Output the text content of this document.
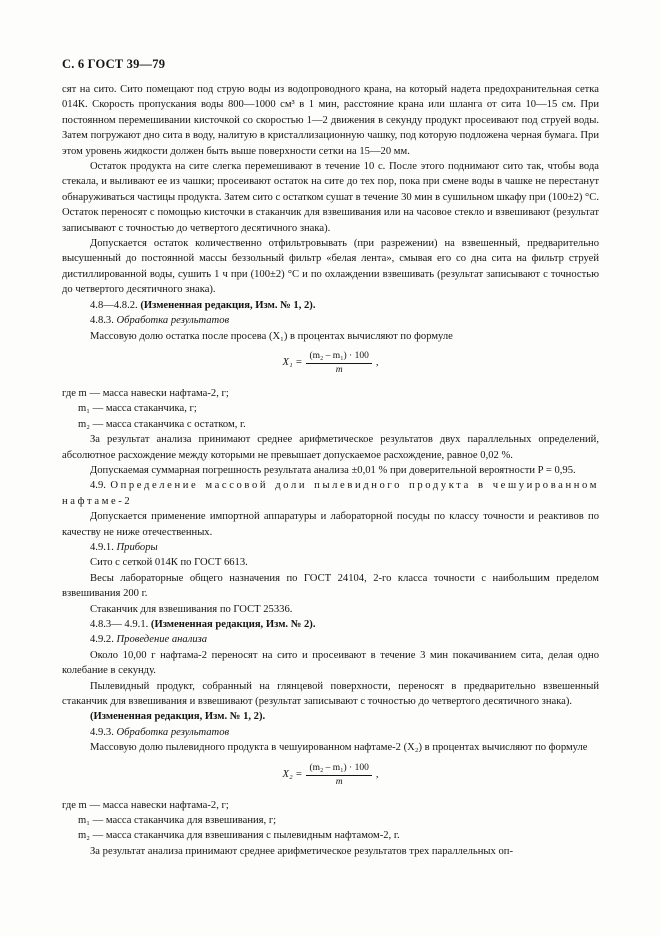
С. 6 ГОСТ 39—79

сят на сито. Сито помещают под струю воды из водопроводного крана, на который надета предохранительная сетка 014К. Скорость пропускания воды 800—1000 см³ в 1 мин, расстояние крана или шланга от сита 10—15 см. При постоянном перемешивании кисточкой со скоростью 1—2 движения в секунду продукт просеивают под струей воды. Затем погружают дно сита в воду, налитую в кристаллизационную чашку, под которую подложена черная бумага. При этом уровень жидкости должен быть выше поверхности сетки на 15—20 мм.

Остаток продукта на сите слегка перемешивают в течение 10 с. После этого поднимают сито так, чтобы вода стекала, и выливают ее из чашки; просеивают остаток на сите до тех пор, пока при смене воды в чашке не перестанут обнаруживаться частицы продукта. Затем сито с остатком сушат в течение 30 мин в сушильном шкафу при (100±2) °С. Остаток переносят с помощью кисточки в стаканчик для взвешивания или на часовое стекло и взвешивают (результат записывают с точностью до четвертого десятичного знака).

Допускается остаток количественно отфильтровывать (при разрежении) на взвешенный, предварительно высушенный до постоянной массы беззольный фильтр «белая лента», смывая его со дна сита на фильтр струей дистиллированной воды, сушить 1 ч при (100±2) °С и по охлаждении взвешивать (результат записывают с точностью до четвертого десятичного знака).

4.8—4.8.2. (Измененная редакция, Изм. № 1, 2).

4.8.3. Обработка результатов

Массовую долю остатка после просева (X₁) в процентах вычисляют по формуле

$X_1 = \frac{\text{(m₂ – m₁) · 100}}{m}$ ,

где m — масса навески нафтама-2, г;

m₁ — масса стаканчика, г;

m₂ — масса стаканчика с остатком, г.

За результат анализа принимают среднее арифметическое результатов двух параллельных определений, абсолютное расхождение между которыми не превышает допускаемое расхождение, равное 0,02 %.

Допускаемая суммарная погрешность результата анализа ±0,01 % при доверительной вероятности P = 0,95.

4.9. Определение массовой доли пылевидного продукта в чешуированном нафтаме-2

Допускается применение импортной аппаратуры и лабораторной посуды по классу точности и реактивов по качеству не ниже отечественных.

4.9.1. Приборы

Сито с сеткой 014К по ГОСТ 6613.

Весы лабораторные общего назначения по ГОСТ 24104, 2-го класса точности с наибольшим пределом взвешивания 200 г.

Стаканчик для взвешивания по ГОСТ 25336.

4.8.3— 4.9.1. (Измененная редакция, Изм. № 2).

4.9.2. Проведение анализа

Около 10,00 г нафтама-2 переносят на сито и просеивают в течение 3 мин покачиванием сита, делая одно колебание в секунду.

Пылевидный продукт, собранный на глянцевой поверхности, переносят в предварительно взвешенный стаканчик для взвешивания и взвешивают (результат записывают с точностью до четвертого десятичного знака).

(Измененная редакция, Изм. № 1, 2).

4.9.3. Обработка результатов

Массовую долю пылевидного продукта в чешуированном нафтаме-2 (X₂) в процентах вычисляют по формуле

$X_2 = \frac{\text{(m₂ – m₁) · 100}}{m}$ ,

где m — масса навески нафтама-2, г;

m₁ — масса стаканчика для взвешивания, г;

m₂ — масса стаканчика для взвешивания с пылевидным нафтамом-2, г.

За результат анализа принимают среднее арифметическое результатов трех параллельных оп-
